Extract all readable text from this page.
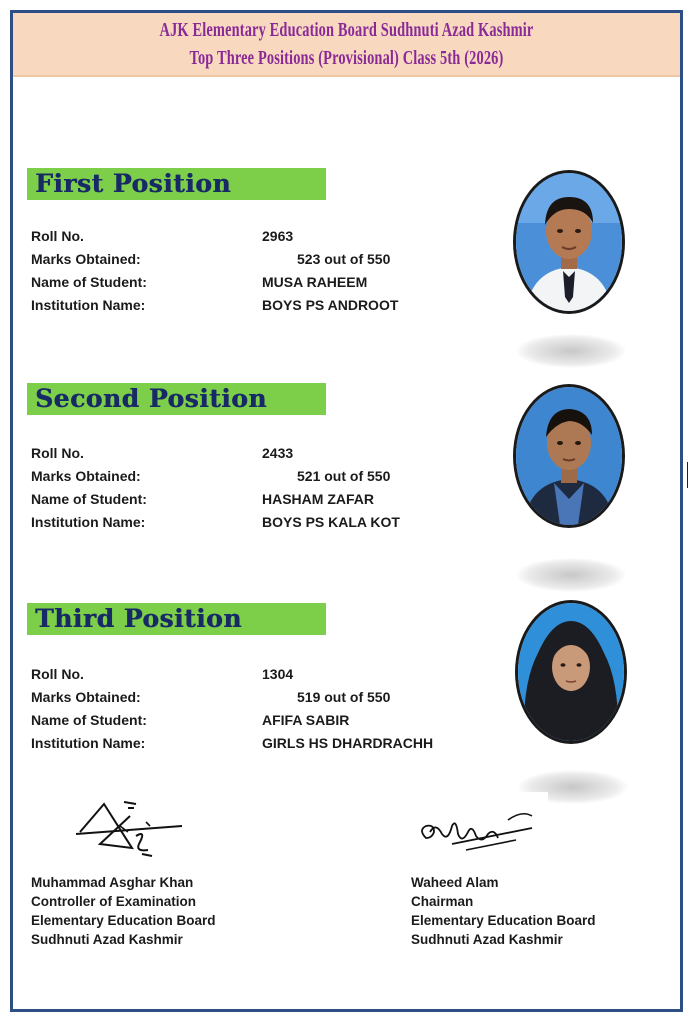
AJK Elementary Education Board Sudhnuti Azad Kashmir
Top Three Positions (Provisional) Class 5th (2026)
First Position
Roll No.	2963
Marks Obtained:	523 out of 550
Name of Student:	MUSA RAHEEM
Institution Name:	BOYS PS ANDROOT
Second Position
Roll No.	2433
Marks Obtained:	521 out of 550
Name of Student:	HASHAM ZAFAR
Institution Name:	BOYS PS KALA KOT
Third Position
Roll No.	1304
Marks Obtained:	519 out of 550
Name of Student:	AFIFA SABIR
Institution Name:	GIRLS HS DHARDRACHH
Muhammad Asghar Khan
Controller of Examination
Elementary Education Board
Sudhnuti Azad Kashmir
Waheed Alam
Chairman
Elementary Education Board
Sudhnuti Azad Kashmir
